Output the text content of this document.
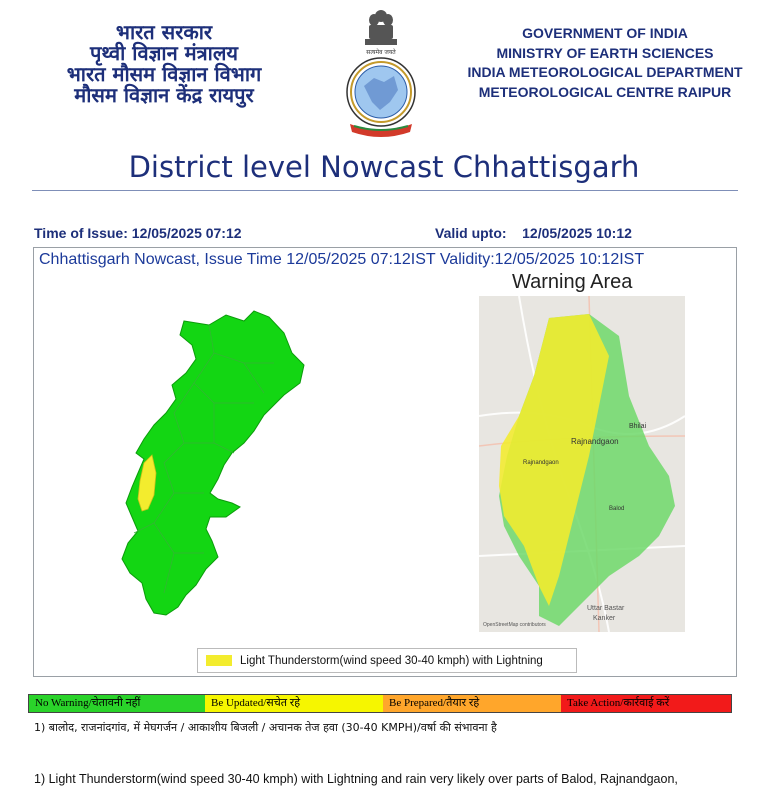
भारत सरकार
पृथ्वी विज्ञान मंत्रालय
भारत मौसम विज्ञान विभाग
मौसम विज्ञान केंद्र रायपुर
सत्यमेव जयते
GOVERNMENT OF INDIA
MINISTRY OF EARTH SCIENCES
INDIA METEOROLOGICAL DEPARTMENT
METEOROLOGICAL CENTRE RAIPUR
District level Nowcast Chhattisgarh
Time of Issue: 12/05/2025 07:12	Valid upto: 12/05/2025 10:12
Chhattisgarh Nowcast, Issue Time 12/05/2025 07:12IST Validity:12/05/2025 10:12IST
Warning Area
Bhilai
Rajnandgaon
Rajnandgaon
Balod
Uttar Bastar
Kanker
OpenStreetMap contributors
Light Thunderstorm(wind speed 30-40 kmph) with Lightning
No Warning/चेतावनी नहीं	Be Updated/सचेत रहे	Be Prepared/तैयार रहे	Take Action/कार्रवाई करें
1) बालोद, राजनांदगांव, में मेघगर्जन / आकाशीय बिजली / अचानक तेज हवा (30-40 KMPH)/वर्षा की संभावना है
1) Light Thunderstorm(wind speed 30-40 kmph) with Lightning and rain very likely over parts of Balod, Rajnandgaon,
